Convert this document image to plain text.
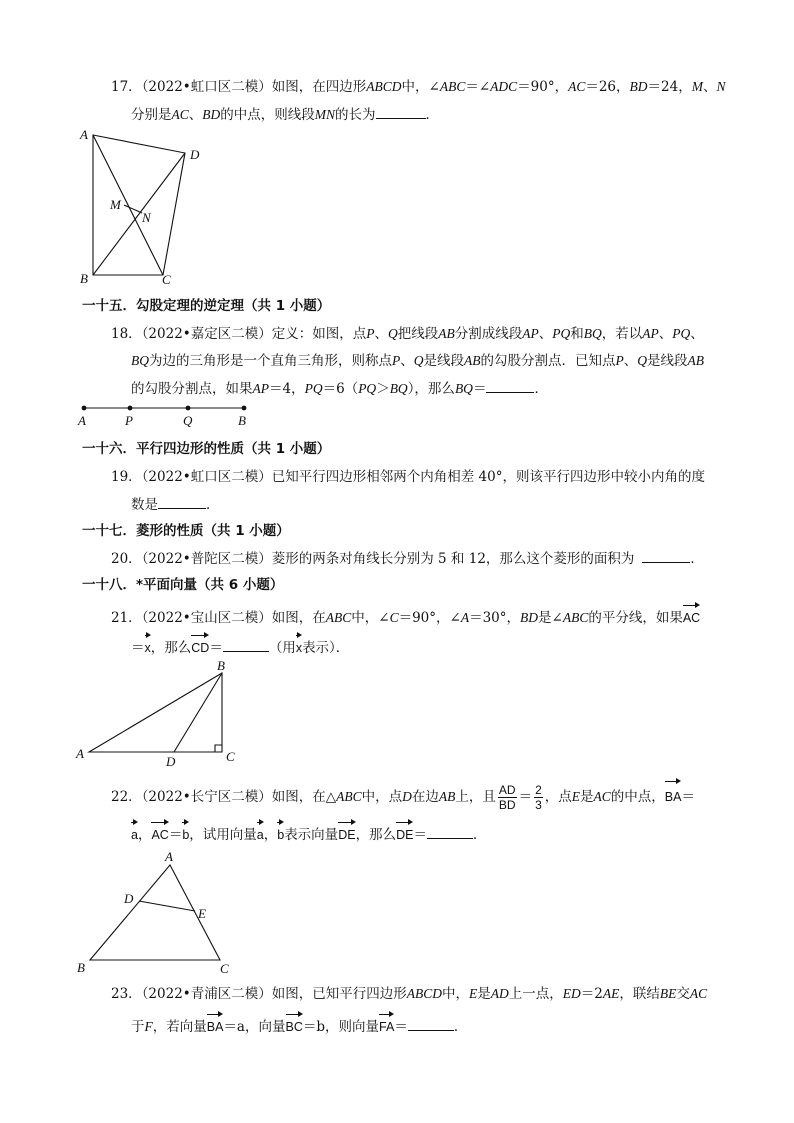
17．（2022•虹口区二模）如图，在四边形ABCD中，∠ABC＝∠ADC＝90°，AC＝26，BD＝24，M、N
分别是AC、BD的中点，则线段MN的长为	．
A
D
M
N
B	C
一十五．勾股定理的逆定理（共 1 小题）
18．（2022•嘉定区二模）定义：如图，点P、Q把线段AB分割成线段AP、PQ和BQ，若以AP、PQ、
BQ为边的三角形是一个直角三角形，则称点P、Q是线段AB的勾股分割点．已知点P、Q是线段AB
的勾股分割点，如果AP＝4，PQ＝6（PQ＞BQ），那么BQ＝	．
A	P	Q	B
一十六．平行四边形的性质（共 1 小题）
19．（2022•虹口区二模）已知平行四边形相邻两个内角相差 40°，则该平行四边形中较小内角的度
数是	．
一十七．菱形的性质（共 1 小题）
20．（2022•普陀区二模）菱形的两条对角线长分别为 5 和 12，那么这个菱形的面积为	．
一十八．*平面向量（共 6 小题）
21．（2022•宝山区二模）如图，在ABC中，∠C＝90°，∠A＝30°，BD是∠ABC的平分线，如果AC
＝x，那么CD＝	（用x表示）．
B
A
D	C
22．（2022•长宁区二模）如图，在△ABC中，点D在边AB上，且 $\frac{AD}{BD} = \frac{2}{3}$ ，点E是AC的中点，BA＝
a，AC＝b，试用向量a，b表示向量DE，那么DE＝	．
A
D
E
B	C
23．（2022•青浦区二模）如图，已知平行四边形ABCD中，E是AD上一点，ED＝2AE，联结BE交AC
于F，若向量BA＝a，向量BC＝b，则向量FA＝	．
